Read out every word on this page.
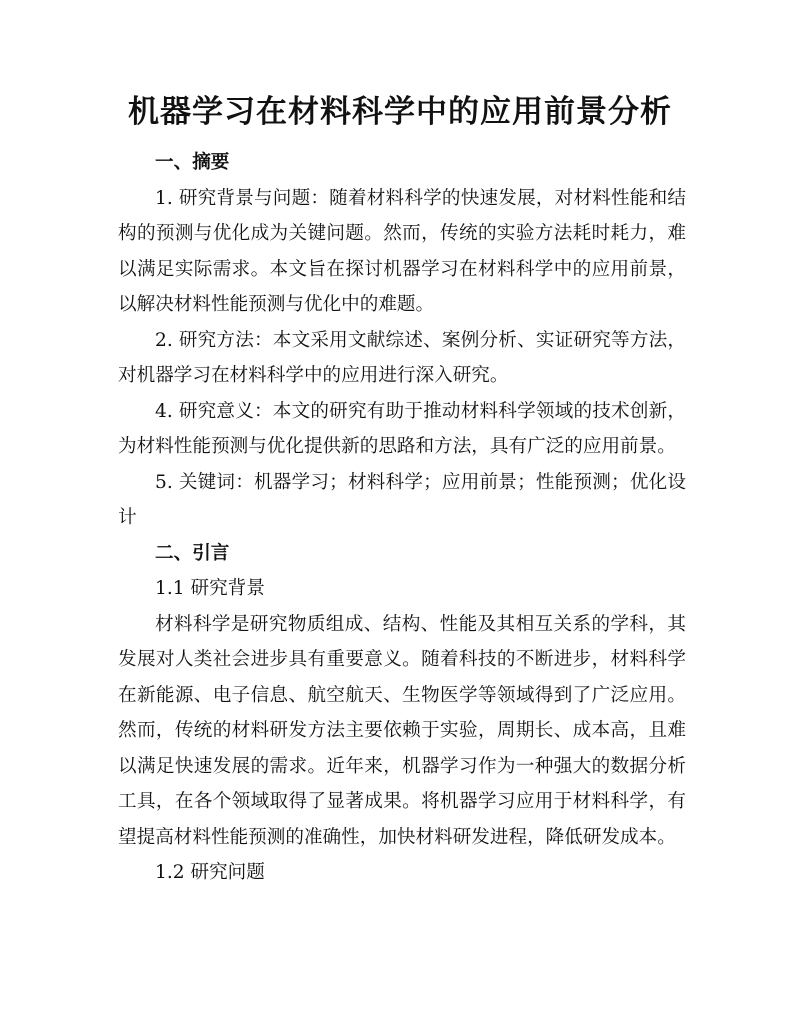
机器学习在材料科学中的应用前景分析

一、摘要

1. 研究背景与问题：随着材料科学的快速发展，对材料性能和结构的预测与优化成为关键问题。然而，传统的实验方法耗时耗力，难以满足实际需求。本文旨在探讨机器学习在材料科学中的应用前景，以解决材料性能预测与优化中的难题。

2. 研究方法：本文采用文献综述、案例分析、实证研究等方法，对机器学习在材料科学中的应用进行深入研究。

4. 研究意义：本文的研究有助于推动材料科学领域的技术创新，为材料性能预测与优化提供新的思路和方法，具有广泛的应用前景。

5. 关键词：机器学习；材料科学；应用前景；性能预测；优化设计

二、引言

1.1 研究背景

材料科学是研究物质组成、结构、性能及其相互关系的学科，其发展对人类社会进步具有重要意义。随着科技的不断进步，材料科学在新能源、电子信息、航空航天、生物医学等领域得到了广泛应用。然而，传统的材料研发方法主要依赖于实验，周期长、成本高，且难以满足快速发展的需求。近年来，机器学习作为一种强大的数据分析工具，在各个领域取得了显著成果。将机器学习应用于材料科学，有望提高材料性能预测的准确性，加快材料研发进程，降低研发成本。

1.2 研究问题
